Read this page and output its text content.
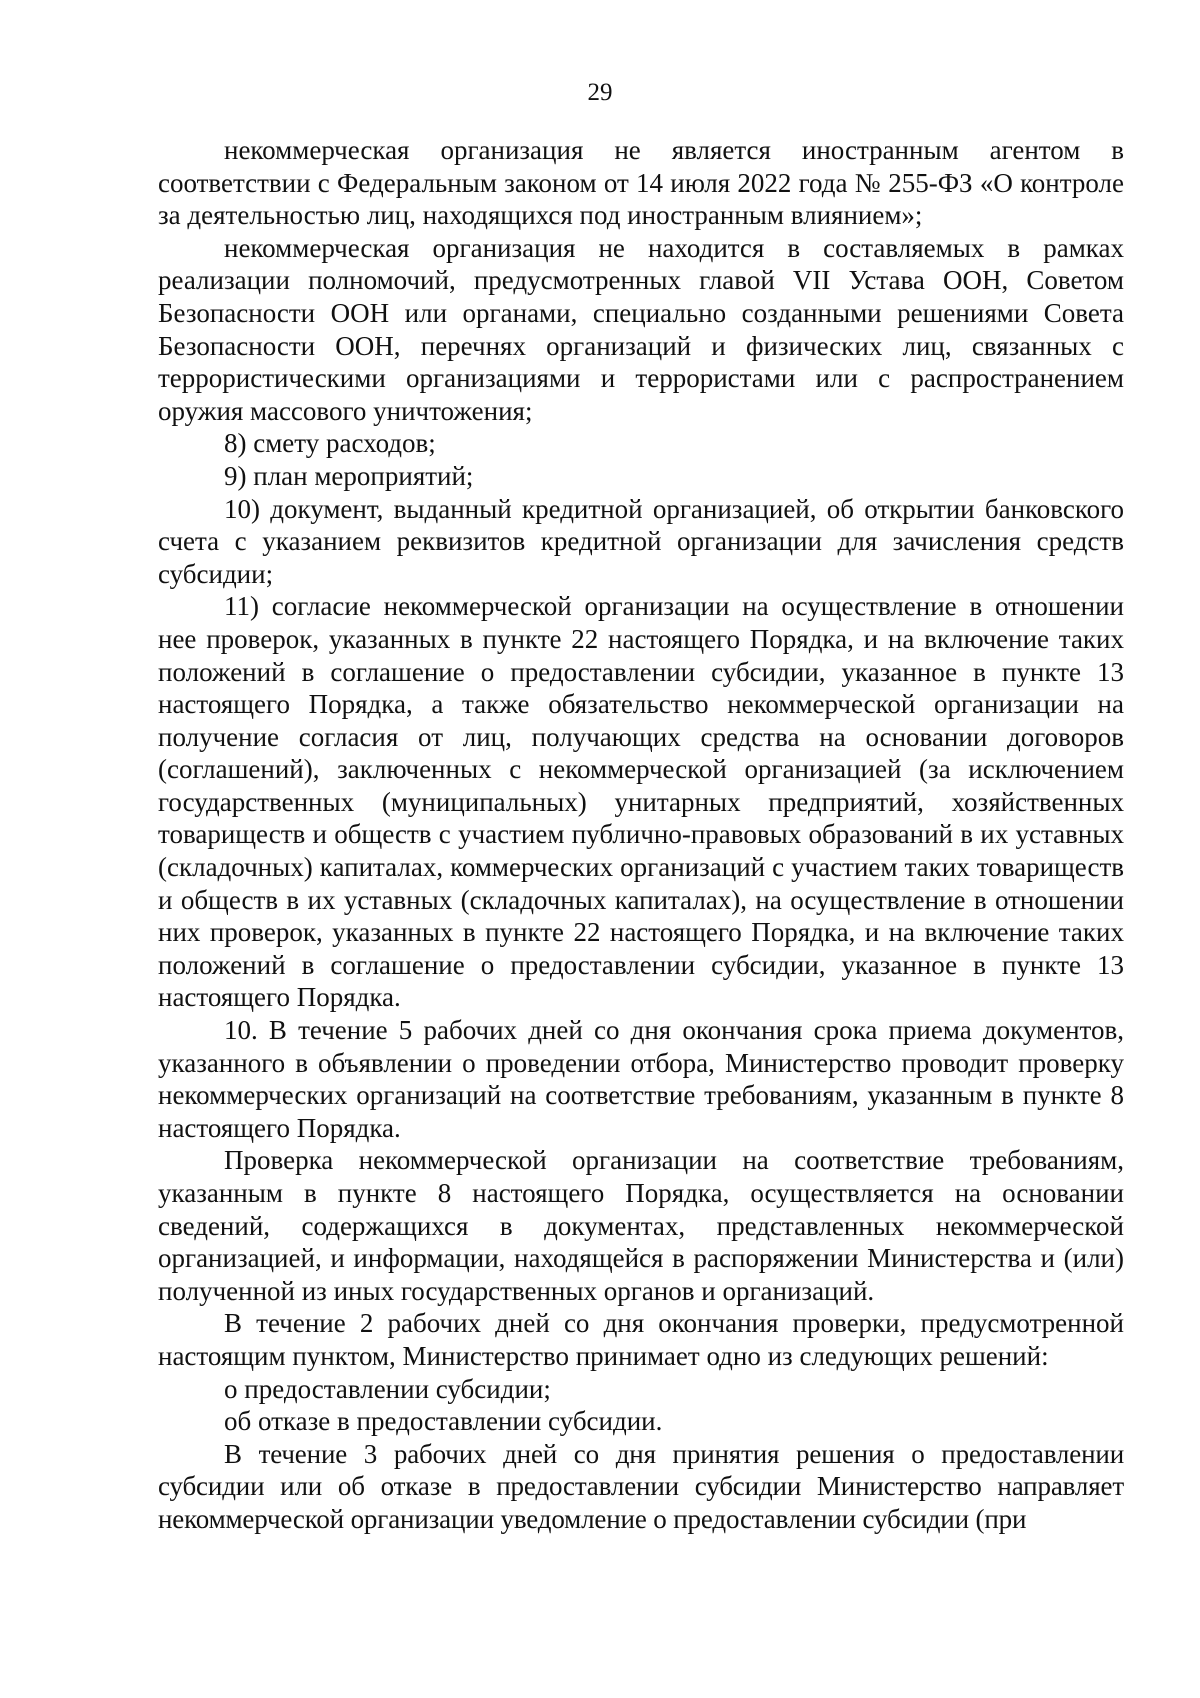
29

некоммерческая организация не является иностранным агентом в соответствии с Федеральным законом от 14 июля 2022 года № 255-ФЗ «О контроле за деятельностью лиц, находящихся под иностранным влиянием»;

некоммерческая организация не находится в составляемых в рамках реализации полномочий, предусмотренных главой VII Устава ООН, Советом Безопасности ООН или органами, специально созданными решениями Совета Безопасности ООН, перечнях организаций и физических лиц, связанных с террористическими организациями и террористами или с распространением оружия массового уничтожения;

8) смету расходов;

9) план мероприятий;

10) документ, выданный кредитной организацией, об открытии банковского счета с указанием реквизитов кредитной организации для зачисления средств субсидии;

11) согласие некоммерческой организации на осуществление в отношении нее проверок, указанных в пункте 22 настоящего Порядка, и на включение таких положений в соглашение о предоставлении субсидии, указанное в пункте 13 настоящего Порядка, а также обязательство некоммерческой организации на получение согласия от лиц, получающих средства на основании договоров (соглашений), заключенных с некоммерческой организацией (за исключением государственных (муниципальных) унитарных предприятий, хозяйственных товариществ и обществ с участием публично-правовых образований в их уставных (складочных) капиталах, коммерческих организаций с участием таких товариществ и обществ в их уставных (складочных капиталах), на осуществление в отношении них проверок, указанных в пункте 22 настоящего Порядка, и на включение таких положений в соглашение о предоставлении субсидии, указанное в пункте 13 настоящего Порядка.

10. В течение 5 рабочих дней со дня окончания срока приема документов, указанного в объявлении о проведении отбора, Министерство проводит проверку некоммерческих организаций на соответствие требованиям, указанным в пункте 8 настоящего Порядка.

Проверка некоммерческой организации на соответствие требованиям, указанным в пункте 8 настоящего Порядка, осуществляется на основании сведений, содержащихся в документах, представленных некоммерческой организацией, и информации, находящейся в распоряжении Министерства и (или) полученной из иных государственных органов и организаций.

В течение 2 рабочих дней со дня окончания проверки, предусмотренной настоящим пунктом, Министерство принимает одно из следующих решений:

о предоставлении субсидии;

об отказе в предоставлении субсидии.

В течение 3 рабочих дней со дня принятия решения о предоставлении субсидии или об отказе в предоставлении субсидии Министерство направляет некоммерческой организации уведомление о предоставлении субсидии (при
